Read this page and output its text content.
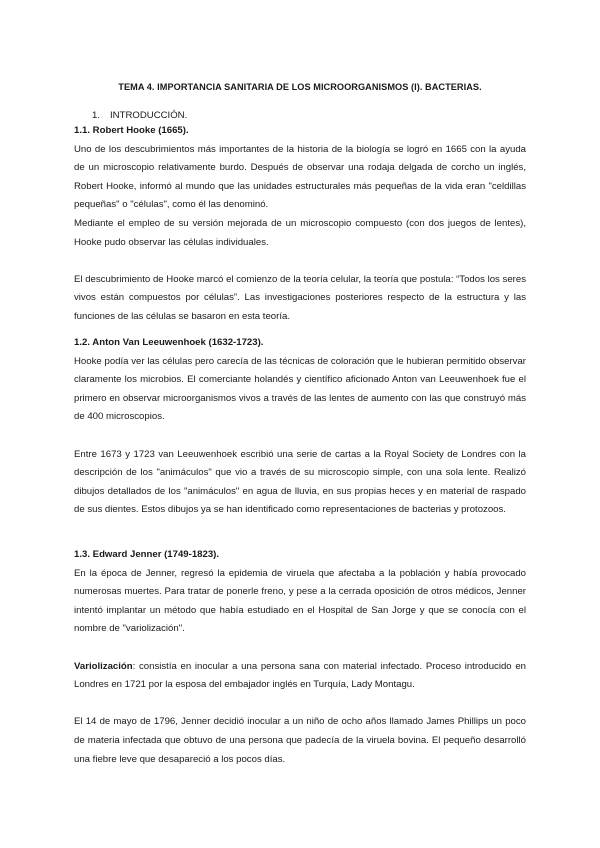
TEMA 4. IMPORTANCIA SANITARIA DE LOS MICROORGANISMOS (I). BACTERIAS.
1. INTRODUCCIÓN.
1.1. Robert Hooke (1665).

Uno de los descubrimientos más importantes de la historia de la biología se logró en 1665 con la ayuda de un microscopio relativamente burdo. Después de observar una rodaja delgada de corcho un inglés, Robert Hooke, informó al mundo que las unidades estructurales más pequeñas de la vida eran "celdillas pequeñas" o "células", como él las denominó.

Mediante el empleo de su versión mejorada de un microscopio compuesto (con dos juegos de lentes), Hooke pudo observar las células individuales.

El descubrimiento de Hooke marcó el comienzo de la teoría celular, la teoría que postula: “Todos los seres vivos están compuestos por células”. Las investigaciones posteriores respecto de la estructura y las funciones de las células se basaron en esta teoría.

1.2. Anton Van Leeuwenhoek (1632-1723).

Hooke podía ver las células pero carecía de las técnicas de coloración que le hubieran permitido observar claramente los microbios. El comerciante holandés y científico aficionado Anton van Leeuwenhoek fue el primero en observar microorganismos vivos a través de las lentes de aumento con las que construyó más de 400 microscopios.

Entre 1673 y 1723 van Leeuwenhoek escribió una serie de cartas a la Royal Society de Londres con la descripción de los "animáculos" que vio a través de su microscopio simple, con una sola lente. Realizó dibujos detallados de los "animáculos" en agua de lluvia, en sus propias heces y en material de raspado de sus dientes. Estos dibujos ya se han identificado como representaciones de bacterias y protozoos.

1.3. Edward Jenner (1749-1823).

En la época de Jenner, regresó la epidemia de viruela que afectaba a la población y había provocado numerosas muertes. Para tratar de ponerle freno, y pese a la cerrada oposición de otros médicos, Jenner intentó implantar un método que había estudiado en el Hospital de San Jorge y que se conocía con el nombre de "variolización".

Variolización: consistía en inocular a una persona sana con material infectado. Proceso introducido en Londres en 1721 por la esposa del embajador inglés en Turquía, Lady Montagu.

El 14 de mayo de 1796, Jenner decidió inocular a un niño de ocho años llamado James Phillips un poco de materia infectada que obtuvo de una persona que padecía de la viruela bovina. El pequeño desarrolló una fiebre leve que desapareció a los pocos días.
